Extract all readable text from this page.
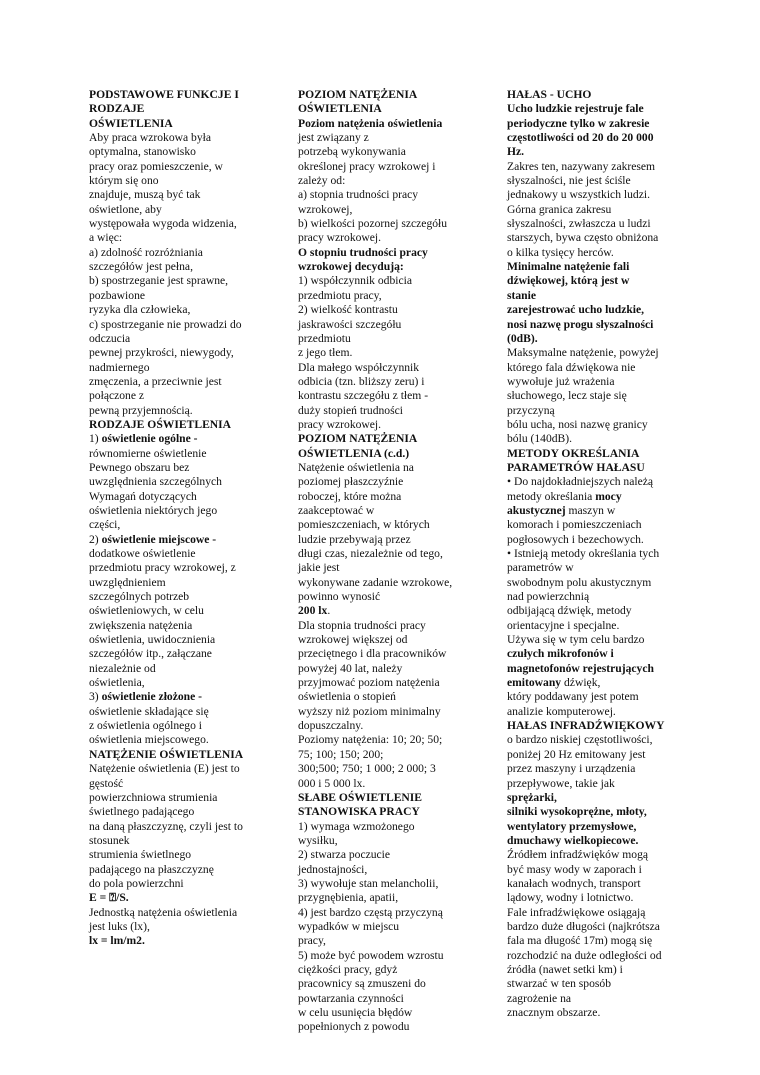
PODSTAWOWE FUNKCJE I
RODZAJE
OŚWIETLENIA
Aby praca wzrokowa była
optymalna, stanowisko
pracy oraz pomieszczenie, w
którym się ono
znajduje, muszą być tak
oświetlone, aby
występowała wygoda widzenia,
a więc:
a) zdolność rozróżniania
szczegółów jest pełna,
b) spostrzeganie jest sprawne,
pozbawione
ryzyka dla człowieka,
c) spostrzeganie nie prowadzi do
odczucia
pewnej przykrości, niewygody,
nadmiernego
zmęczenia, a przeciwnie jest
połączone z
pewną przyjemnością.
RODZAJE OŚWIETLENIA
1) oświetlenie ogólne -
równomierne oświetlenie
Pewnego obszaru bez
uwzględnienia szczególnych
Wymagań dotyczących
oświetlenia niektórych jego
części,
2) oświetlenie miejscowe -
dodatkowe oświetlenie
przedmiotu pracy wzrokowej, z
uwzględnieniem
szczególnych potrzeb
oświetleniowych, w celu
zwiększenia natężenia
oświetlenia, uwidocznienia
szczegółów itp., załączane
niezależnie od
oświetlenia,
3) oświetlenie złożone -
oświetlenie składające się
z oświetlenia ogólnego i
oświetlenia miejscowego.
NATĘŻENIE OŚWIETLENIA
Natężenie oświetlenia (E) jest to
gęstość
powierzchniowa strumienia
świetlnego padającego
na daną płaszczyznę, czyli jest to
stosunek
strumienia świetlnego
padającego na płaszczyznę
do pola powierzchni
E = ⍰/S.
Jednostką natężenia oświetlenia
jest luks (lx),
lx = lm/m2.
POZIOM NATĘŻENIA
OŚWIETLENIA
Poziom natężenia oświetlenia
jest związany z
potrzebą wykonywania
określonej pracy wzrokowej i
zależy od:
a) stopnia trudności pracy
wzrokowej,
b) wielkości pozornej szczegółu
pracy wzrokowej.
O stopniu trudności pracy
wzrokowej decydują:
1) współczynnik odbicia
przedmiotu pracy,
2) wielkość kontrastu
jaskrawości szczegółu
przedmiotu
z jego tłem.
Dla małego współczynnik
odbicia (tzn. bliższy zeru) i
kontrastu szczegółu z tłem -
duży stopień trudności
pracy wzrokowej.
POZIOM NATĘŻENIA
OŚWIETLENIA (c.d.)
Natężenie oświetlenia na
poziomej płaszczyźnie
roboczej, które można
zaakceptować w
pomieszczeniach, w których
ludzie przebywają przez
długi czas, niezależnie od tego,
jakie jest
wykonywane zadanie wzrokowe,
powinno wynosić
200 lx.
Dla stopnia trudności pracy
wzrokowej większej od
przeciętnego i dla pracowników
powyżej 40 lat, należy
przyjmować poziom natężenia
oświetlenia o stopień
wyższy niż poziom minimalny
dopuszczalny.
Poziomy natężenia: 10; 20; 50;
75; 100; 150; 200;
300;500; 750; 1 000; 2 000; 3
000 i 5 000 lx.
SŁABE OŚWIETLENIE
STANOWISKA PRACY
1) wymaga wzmożonego
wysiłku,
2) stwarza poczucie
jednostajności,
3) wywołuje stan melancholii,
przygnębienia, apatii,
4) jest bardzo częstą przyczyną
wypadków w miejscu
pracy,
5) może być powodem wzrostu
ciężkości pracy, gdyż
pracownicy są zmuszeni do
powtarzania czynności
w celu usunięcia błędów
popełnionych z powodu
HAŁAS - UCHO
Ucho ludzkie rejestruje fale
periodyczne tylko w zakresie
częstotliwości od 20 do 20 000
Hz.
Zakres ten, nazywany zakresem
słyszalności, nie jest ściśle
jednakowy u wszystkich ludzi.
Górna granica zakresu
słyszalności, zwłaszcza u ludzi
starszych, bywa często obniżona
o kilka tysięcy herców.
Minimalne natężenie fali
dźwiękowej, którą jest w
stanie
zarejestrować ucho ludzkie,
nosi nazwę progu słyszalności
(0dB).
Maksymalne natężenie, powyżej
którego fala dźwiękowa nie
wywołuje już wrażenia
słuchowego, lecz staje się
przyczyną
bólu ucha, nosi nazwę granicy
bólu (140dB).
METODY OKREŚLANIA
PARAMETRÓW HAŁASU
• Do najdokładniejszych należą
metody określania mocy
akustycznej maszyn w
komorach i pomieszczeniach
pogłosowych i bezechowych.
• Istnieją metody określania tych
parametrów w
swobodnym polu akustycznym
nad powierzchnią
odbijającą dźwięk, metody
orientacyjne i specjalne.
Używa się w tym celu bardzo
czułych mikrofonów i
magnetofonów rejestrujących
emitowany dźwięk,
który poddawany jest potem
analizie komputerowej.
HAŁAS INFRADŹWIĘKOWY
o bardzo niskiej częstotliwości,
poniżej 20 Hz emitowany jest
przez maszyny i urządzenia
przepływowe, takie jak
sprężarki,
silniki wysokoprężne, młoty,
wentylatory przemysłowe,
dmuchawy wielkopiecowe.
Źródłem infradźwięków mogą
być masy wody w zaporach i
kanałach wodnych, transport
lądowy, wodny i lotnictwo.
Fale infradźwiękowe osiągają
bardzo duże długości (najkrótsza
fala ma długość 17m) mogą się
rozchodzić na duże odległości od
źródła (nawet setki km) i
stwarzać w ten sposób
zagrożenie na
znacznym obszarze.
